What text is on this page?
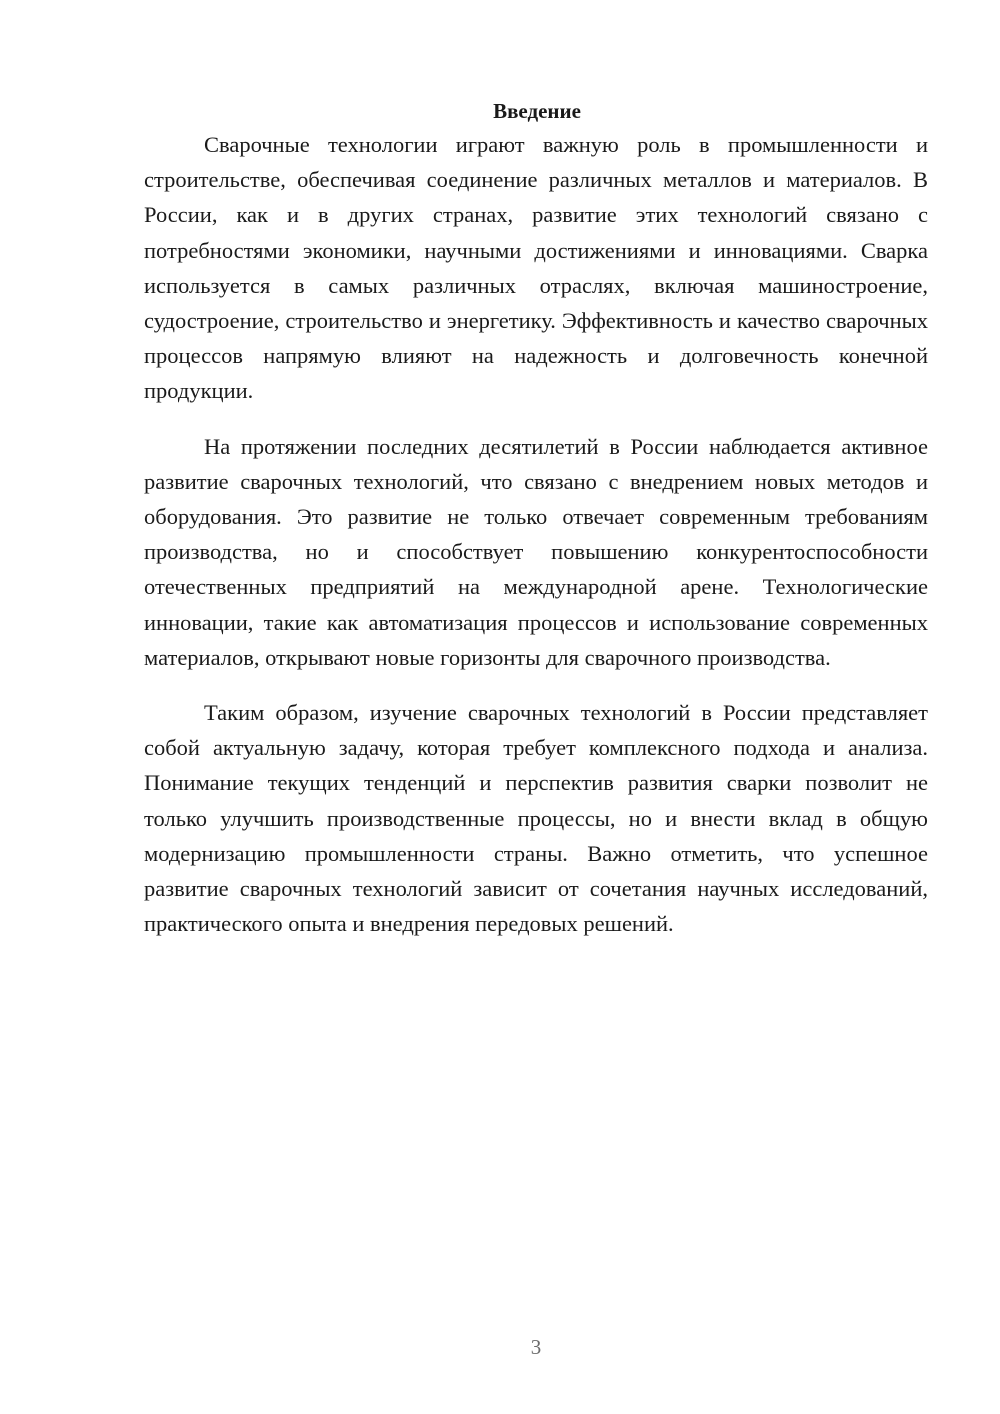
Введение

Сварочные технологии играют важную роль в промышленности и строительстве, обеспечивая соединение различных металлов и материалов. В России, как и в других странах, развитие этих технологий связано с потребностями экономики, научными достижениями и инновациями. Сварка используется в самых различных отраслях, включая машиностроение, судостроение, строительство и энергетику. Эффективность и качество сварочных процессов напрямую влияют на надежность и долговечность конечной продукции.

На протяжении последних десятилетий в России наблюдается активное развитие сварочных технологий, что связано с внедрением новых методов и оборудования. Это развитие не только отвечает современным требованиям производства, но и способствует повышению конкурентоспособности отечественных предприятий на международной арене. Технологические инновации, такие как автоматизация процессов и использование современных материалов, открывают новые горизонты для сварочного производства.

Таким образом, изучение сварочных технологий в России представляет собой актуальную задачу, которая требует комплексного подхода и анализа. Понимание текущих тенденций и перспектив развития сварки позволит не только улучшить производственные процессы, но и внести вклад в общую модернизацию промышленности страны. Важно отметить, что успешное развитие сварочных технологий зависит от сочетания научных исследований, практического опыта и внедрения передовых решений.

3
